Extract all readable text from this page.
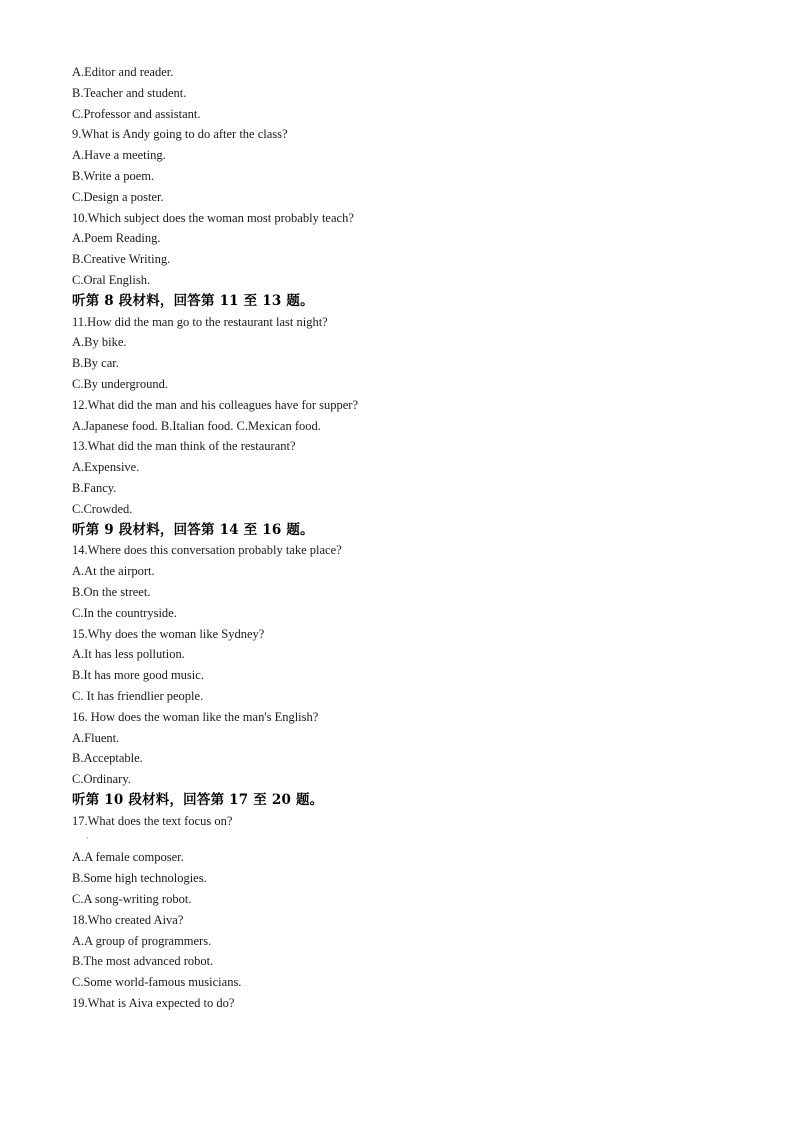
A.Editor and reader.
B.Teacher and student.
C.Professor and assistant.
9.What is Andy going to do after the class?
A.Have a meeting.
B.Write a poem.
C.Design a poster.
10.Which subject does the woman most probably teach?
A.Poem Reading.
B.Creative Writing.
C.Oral English.
听第 8 段材料，回答第 11 至 13 题。
11.How did the man go to the restaurant last night?
A.By bike.
B.By car.
C.By underground.
12.What did the man and his colleagues have for supper?
A.Japanese food. B.Italian food. C.Mexican food.
13.What did the man think of the restaurant?
A.Expensive.
B.Fancy.
C.Crowded.
听第 9 段材料，回答第 14 至 16 题。
14.Where does this conversation probably take place?
A.At the airport.
B.On the street.
C.In the countryside.
15.Why does the woman like Sydney?
A.It has less pollution.
B.It has more good music.
C. It has friendlier people.
16. How does the woman like the man's English?
A.Fluent.
B.Acceptable.
C.Ordinary.
听第 10 段材料，回答第 17 至 20 题。
17.What does the text focus on?
·
A.A female composer.
B.Some high technologies.
C.A song-writing robot.
18.Who created Aiva?
A.A group of programmers.
B.The most advanced robot.
C.Some world-famous musicians.
19.What is Aiva expected to do?
